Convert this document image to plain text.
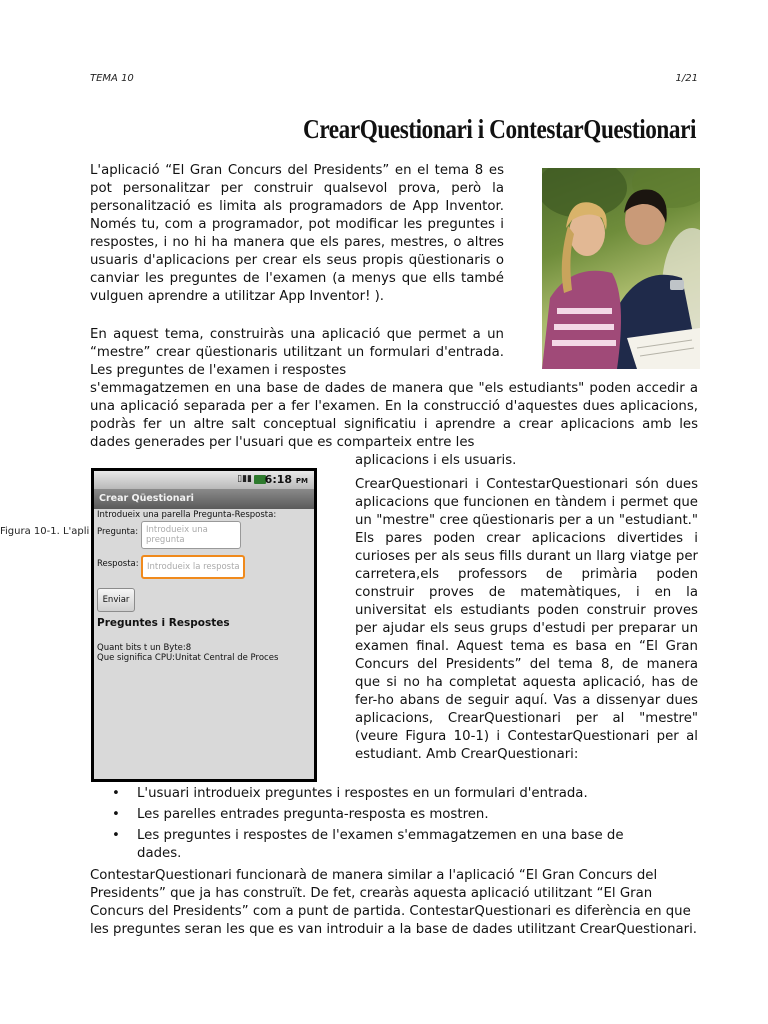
TEMA 10	1/21
CrearQuestionari i ContestarQuestionari

L'aplicació “El Gran Concurs del Presidents” en el tema 8 es pot personalitzar per construir qualsevol prova, però la personalització es limita als programadors de App Inventor. Només tu, com a programador, pot modificar les preguntes i respostes, i no hi ha manera que els pares, mestres, o altres usuaris d'aplicacions per crear els seus propis qüestionaris o canviar les preguntes de l'examen (a menys que ells també vulguen aprendre a utilitzar App Inventor! ).

En aquest tema, construiràs una aplicació que permet a un “mestre” crear qüestionaris utilitzant un formulari d'entrada. Les preguntes de l'examen i respostes

s'emmagatzemen en una base de dades de manera que "els estudiants" poden accedir a una aplicació separada per a fer l'examen. En la construcció d'aquestes dues aplicacions, podràs fer un altre salt conceptual significatiu i aprendre a crear aplicacions amb les dades generades per l'usuari que es comparteix entre les

aplicacions i els usuaris.

Figura 10-1. L'apli
▯▮▮ 6:18 PM
Crear Qüestionari
Introdueix una parella Pregunta-Resposta:
Pregunta: Introdueix una pregunta
Resposta: Introdueix la resposta
Enviar
Preguntes i Respostes
Quant bits t un Byte:8
Que significa CPU:Unitat Central de Proces

CrearQuestionari i ContestarQuestionari són dues aplicacions que funcionen en tàndem i permet que un "mestre" cree qüestionaris per a un "estudiant." Els pares poden crear aplicacions divertides i curioses per als seus fills durant un llarg viatge per carretera,els professors de primària poden construir proves de matemàtiques, i en la universitat els estudiants poden construir proves per ajudar els seus grups d'estudi per preparar un examen final. Aquest tema es basa en “El Gran Concurs del Presidents” del tema 8, de manera que si no ha completat aquesta aplicació, has de fer-ho abans de seguir aquí. Vas a dissenyar dues aplicacions, CrearQuestionari per al "mestre" (veure Figura 10-1) i ContestarQuestionari per al estudiant. Amb CrearQuestionari:

• L'usuari introdueix preguntes i respostes en un formulari d'entrada.
• Les parelles entrades pregunta-resposta es mostren.
• Les preguntes i respostes de l'examen s'emmagatzemen en una base de dades.

ContestarQuestionari funcionarà de manera similar a l'aplicació “El Gran Concurs del Presidents” que ja has construït. De fet, crearàs aquesta aplicació utilitzant “El Gran Concurs del Presidents” com a punt de partida. ContestarQuestionari es diferència en que les preguntes seran les que es van introduir a la base de dades utilitzant CrearQuestionari.
